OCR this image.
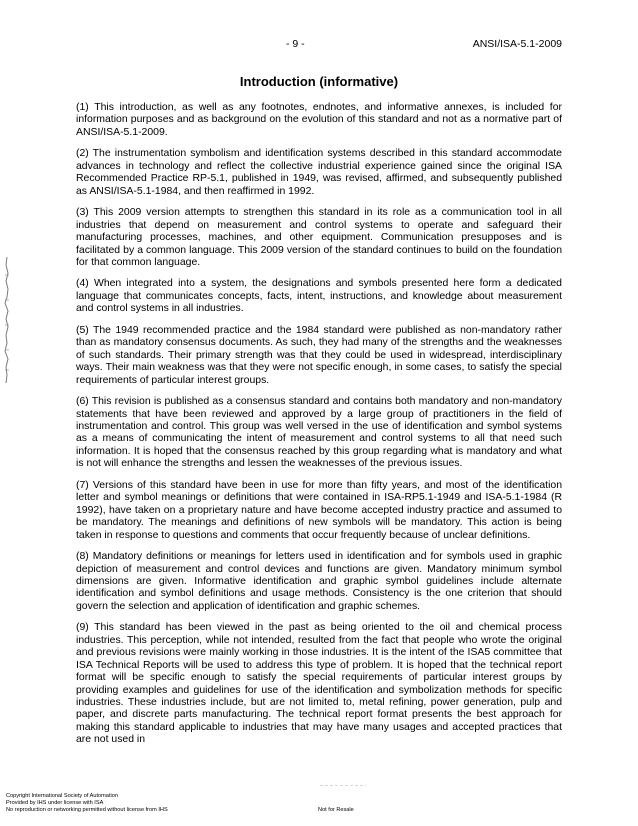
- 9 -	ANSI/ISA-5.1-2009
Introduction (informative)

(1) This introduction, as well as any footnotes, endnotes, and informative annexes, is included for information purposes and as background on the evolution of this standard and not as a normative part of ANSI/ISA-5.1-2009.

(2) The instrumentation symbolism and identification systems described in this standard accommodate advances in technology and reflect the collective industrial experience gained since the original ISA Recommended Practice RP-5.1, published in 1949, was revised, affirmed, and subsequently published as ANSI/ISA-5.1-1984, and then reaffirmed in 1992.

(3) This 2009 version attempts to strengthen this standard in its role as a communication tool in all industries that depend on measurement and control systems to operate and safeguard their manufacturing processes, machines, and other equipment. Communication presupposes and is facilitated by a common language. This 2009 version of the standard continues to build on the foundation for that common language.

(4) When integrated into a system, the designations and symbols presented here form a dedicated language that communicates concepts, facts, intent, instructions, and knowledge about measurement and control systems in all industries.

(5) The 1949 recommended practice and the 1984 standard were published as non-mandatory rather than as mandatory consensus documents. As such, they had many of the strengths and the weaknesses of such standards. Their primary strength was that they could be used in widespread, interdisciplinary ways. Their main weakness was that they were not specific enough, in some cases, to satisfy the special requirements of particular interest groups.

(6) This revision is published as a consensus standard and contains both mandatory and non-mandatory statements that have been reviewed and approved by a large group of practitioners in the field of instrumentation and control. This group was well versed in the use of identification and symbol systems as a means of communicating the intent of measurement and control systems to all that need such information. It is hoped that the consensus reached by this group regarding what is mandatory and what is not will enhance the strengths and lessen the weaknesses of the previous issues.

(7) Versions of this standard have been in use for more than fifty years, and most of the identification letter and symbol meanings or definitions that were contained in ISA-RP5.1-1949 and ISA-5.1-1984 (R 1992), have taken on a proprietary nature and have become accepted industry practice and assumed to be mandatory. The meanings and definitions of new symbols will be mandatory. This action is being taken in response to questions and comments that occur frequently because of unclear definitions.

(8) Mandatory definitions or meanings for letters used in identification and for symbols used in graphic depiction of measurement and control devices and functions are given. Mandatory minimum symbol dimensions are given. Informative identification and graphic symbol guidelines include alternate identification and symbol definitions and usage methods. Consistency is the one criterion that should govern the selection and application of identification and graphic schemes.

(9) This standard has been viewed in the past as being oriented to the oil and chemical process industries. This perception, while not intended, resulted from the fact that people who wrote the original and previous revisions were mainly working in those industries. It is the intent of the ISA5 committee that ISA Technical Reports will be used to address this type of problem. It is hoped that the technical report format will be specific enough to satisfy the special requirements of particular interest groups by providing examples and guidelines for use of the identification and symbolization methods for specific industries. These industries include, but are not limited to, metal refining, power generation, pulp and paper, and discrete parts manufacturing. The technical report format presents the best approach for making this standard applicable to industries that may have many usages and accepted practices that are not used in

Copyright International Society of Automation
Provided by IHS under license with ISA
No reproduction or networking permitted without license from IHS	Not for Resale
